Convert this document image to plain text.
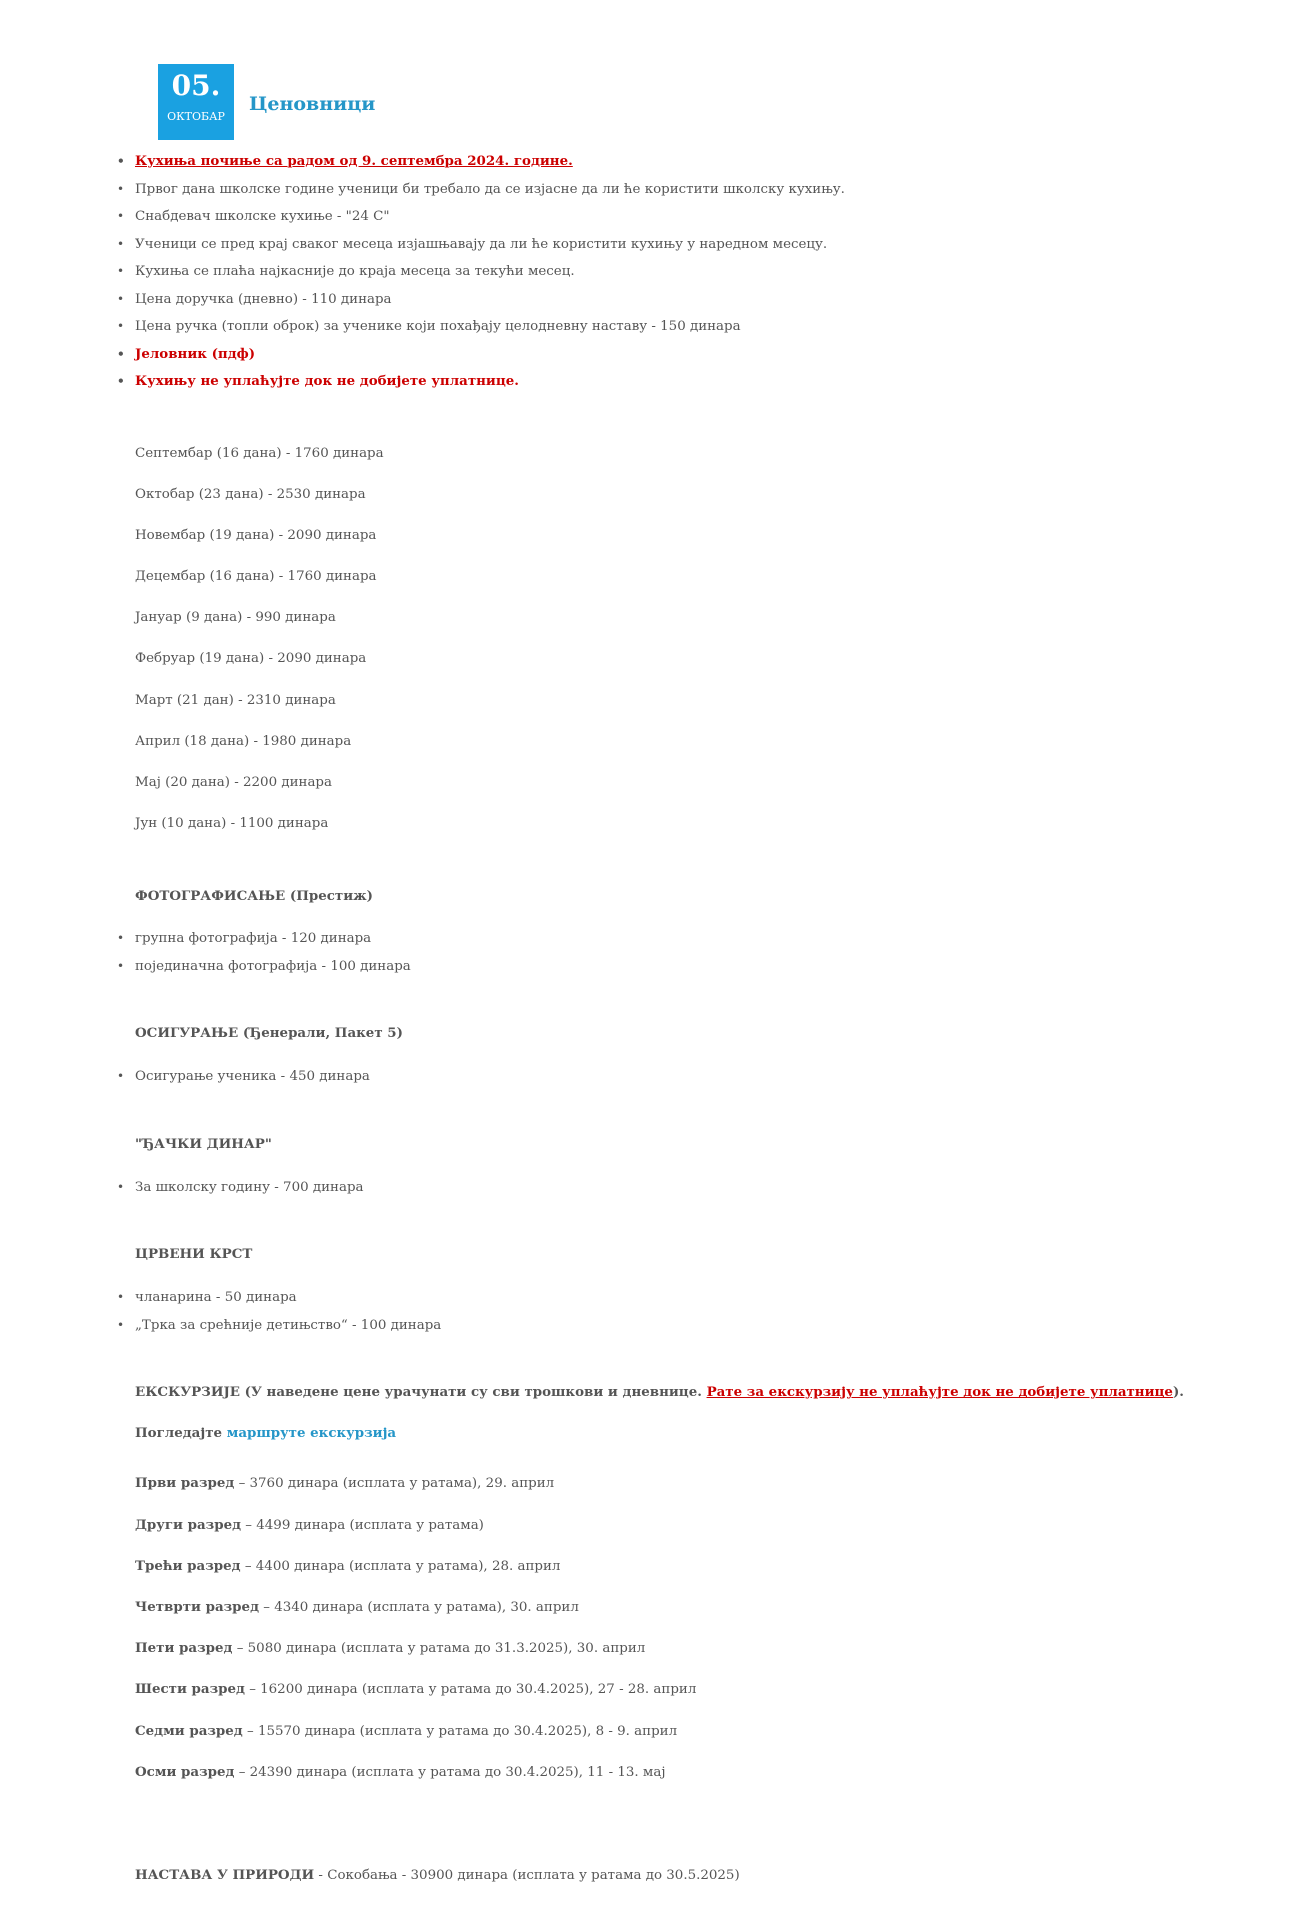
05.
ОКТОБАР
Ценовници
• Кухиња почиње са радом од 9. септембра 2024. године.
• Првог дана школске године ученици би требало да се изјасне да ли ће користити школску кухињу.
• Снабдевач школске кухиње - "24 С"
• Ученици се пред крај сваког месеца изјашњавају да ли ће користити кухињу у наредном месецу.
• Кухиња се плаћа најкасније до краја месеца за текући месец.
• Цена доручка (дневно) - 110 динара
• Цена ручка (топли оброк) за ученике који похађају целодневну наставу - 150 динара
• Јеловник (пдф)
• Кухињу не уплаћујте док не добијете уплатнице.
Септембар (16 дана) - 1760 динара
Октобар (23 дана) - 2530 динара
Новембар (19 дана) - 2090 динара
Децембар (16 дана) - 1760 динара
Јануар (9 дана) - 990 динара
Фебруар (19 дана) - 2090 динара
Март (21 дан) - 2310 динара
Април (18 дана) - 1980 динара
Мај (20 дана) - 2200 динара
Јун (10 дана) - 1100 динара
ФОТОГРАФИСАЊЕ (Престиж)
• групна фотографија - 120 динара
• појединачна фотографија - 100 динара
ОСИГУРАЊЕ (Ђенерали, Пакет 5)
• Осигурање ученика - 450 динара
"ЂАЧКИ ДИНАР"
• За школску годину - 700 динара
ЦРВЕНИ КРСТ
• чланарина - 50 динара
• „Трка за срећније детињство“ - 100 динара
ЕКСКУРЗИЈЕ (У наведене цене урачунати су сви трошкови и дневнице. Рате за екскурзију не уплаћујте док не добијете уплатнице).
Погледајте маршруте екскурзија
Први разред – 3760 динара (исплата у ратама), 29. април
Други разред – 4499 динара (исплата у ратама)
Трећи разред – 4400 динара (исплата у ратама), 28. април
Четврти разред – 4340 динара (исплата у ратама), 30. април
Пети разред – 5080 динара (исплата у ратама до 31.3.2025), 30. април
Шести разред – 16200 динара (исплата у ратама до 30.4.2025), 27 - 28. април
Седми разред – 15570 динара (исплата у ратама до 30.4.2025), 8 - 9. април
Осми разред – 24390 динара (исплата у ратама до 30.4.2025), 11 - 13. мај
НАСТАВА У ПРИРОДИ - Сокобања - 30900 динара (исплата у ратама до 30.5.2025)
